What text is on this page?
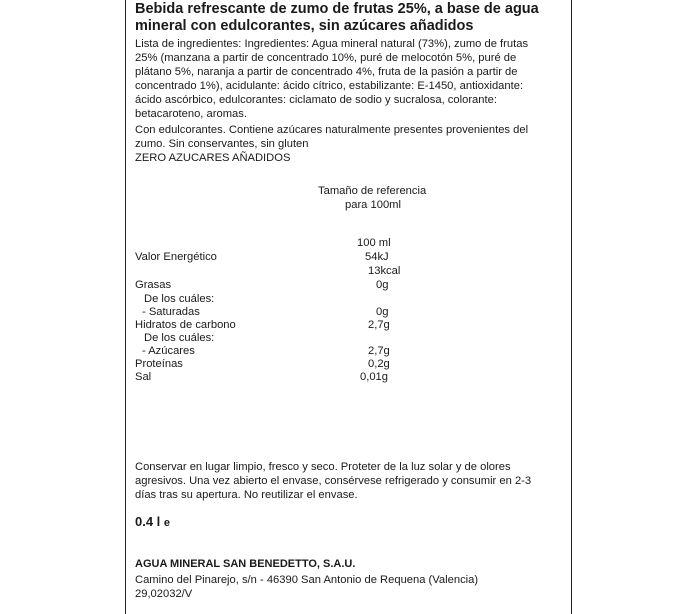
Bebida refrescante de zumo de frutas 25%, a base de agua
mineral con edulcorantes, sin azúcares añadidos
Lista de ingredientes: Ingredientes: Agua mineral natural (73%), zumo de frutas
25% (manzana a partir de concentrado 10%, puré de melocotón 5%, puré de
plátano 5%, naranja a partir de concentrado 4%, fruta de la pasión a partir de
concentrado 1%), acidulante: ácido cítrico, estabilizante: E-1450, antioxidante:
ácido ascórbico, edulcorantes: ciclamato de sodio y sucralosa, colorante:
betacaroteno, aromas.
Con edulcorantes. Contiene azúcares naturalmente presentes provenientes del
zumo. Sin conservantes, sin gluten
ZERO AZUCARES AÑADIDOS
Tamaño de referencia
para 100ml
100 ml
Valor Energético	54kJ
13kcal
Grasas	0g
De los cuáles:
- Saturadas	0g
Hidratos de carbono	2,7g
De los cuáles:
- Azúcares	2,7g
Proteínas	0,2g
Sal	0,01g
Conservar en lugar limpio, fresco y seco. Proteter de la luz solar y de olores
agresivos. Una vez abierto el envase, consérvese refrigerado y consumir en 2-3
días tras su apertura. No reutilizar el envase.
0.4 l e
AGUA MINERAL SAN BENEDETTO, S.A.U.
Camino del Pinarejo, s/n - 46390 San Antonio de Requena (Valencia)
29,02032/V
